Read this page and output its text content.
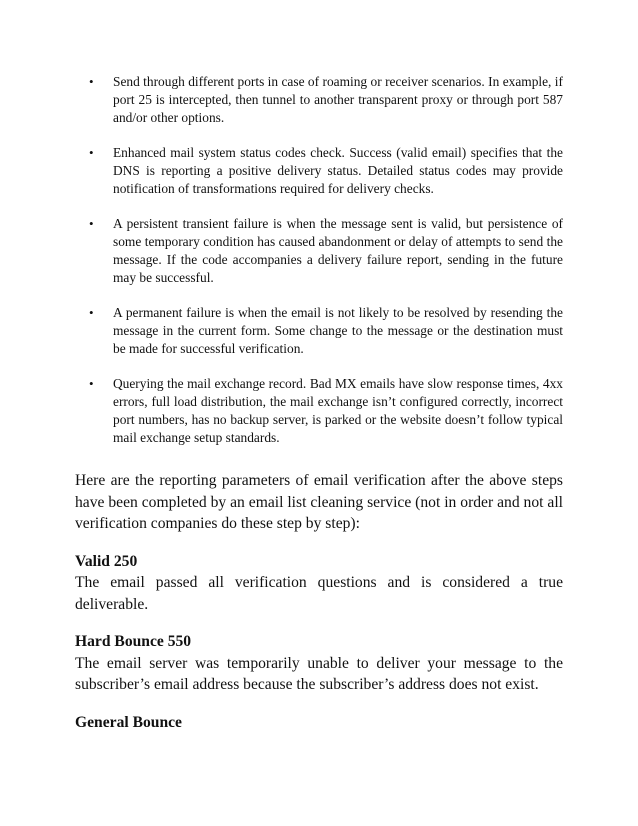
•	Send through different ports in case of roaming or receiver scenarios. In example, if port 25 is intercepted, then tunnel to another transparent proxy or through port 587 and/or other options.
•	Enhanced mail system status codes check. Success (valid email) specifies that the DNS is reporting a positive delivery status. Detailed status codes may provide notification of transformations required for delivery checks.
•	A persistent transient failure is when the message sent is valid, but persistence of some temporary condition has caused abandonment or delay of attempts to send the message. If the code accompanies a delivery failure report, sending in the future may be successful.
•	A permanent failure is when the email is not likely to be resolved by resending the message in the current form. Some change to the message or the destination must be made for successful verification.
•	Querying the mail exchange record. Bad MX emails have slow response times, 4xx errors, full load distribution, the mail exchange isn’t configured correctly, incorrect port numbers, has no backup server, is parked or the website doesn’t follow typical mail exchange setup standards.

Here are the reporting parameters of email verification after the above steps have been completed by an email list cleaning service (not in order and not all verification companies do these step by step):

Valid 250

The email passed all verification questions and is considered a true deliverable.

Hard Bounce 550

The email server was temporarily unable to deliver your message to the subscriber’s email address because the subscriber’s address does not exist.

General Bounce
